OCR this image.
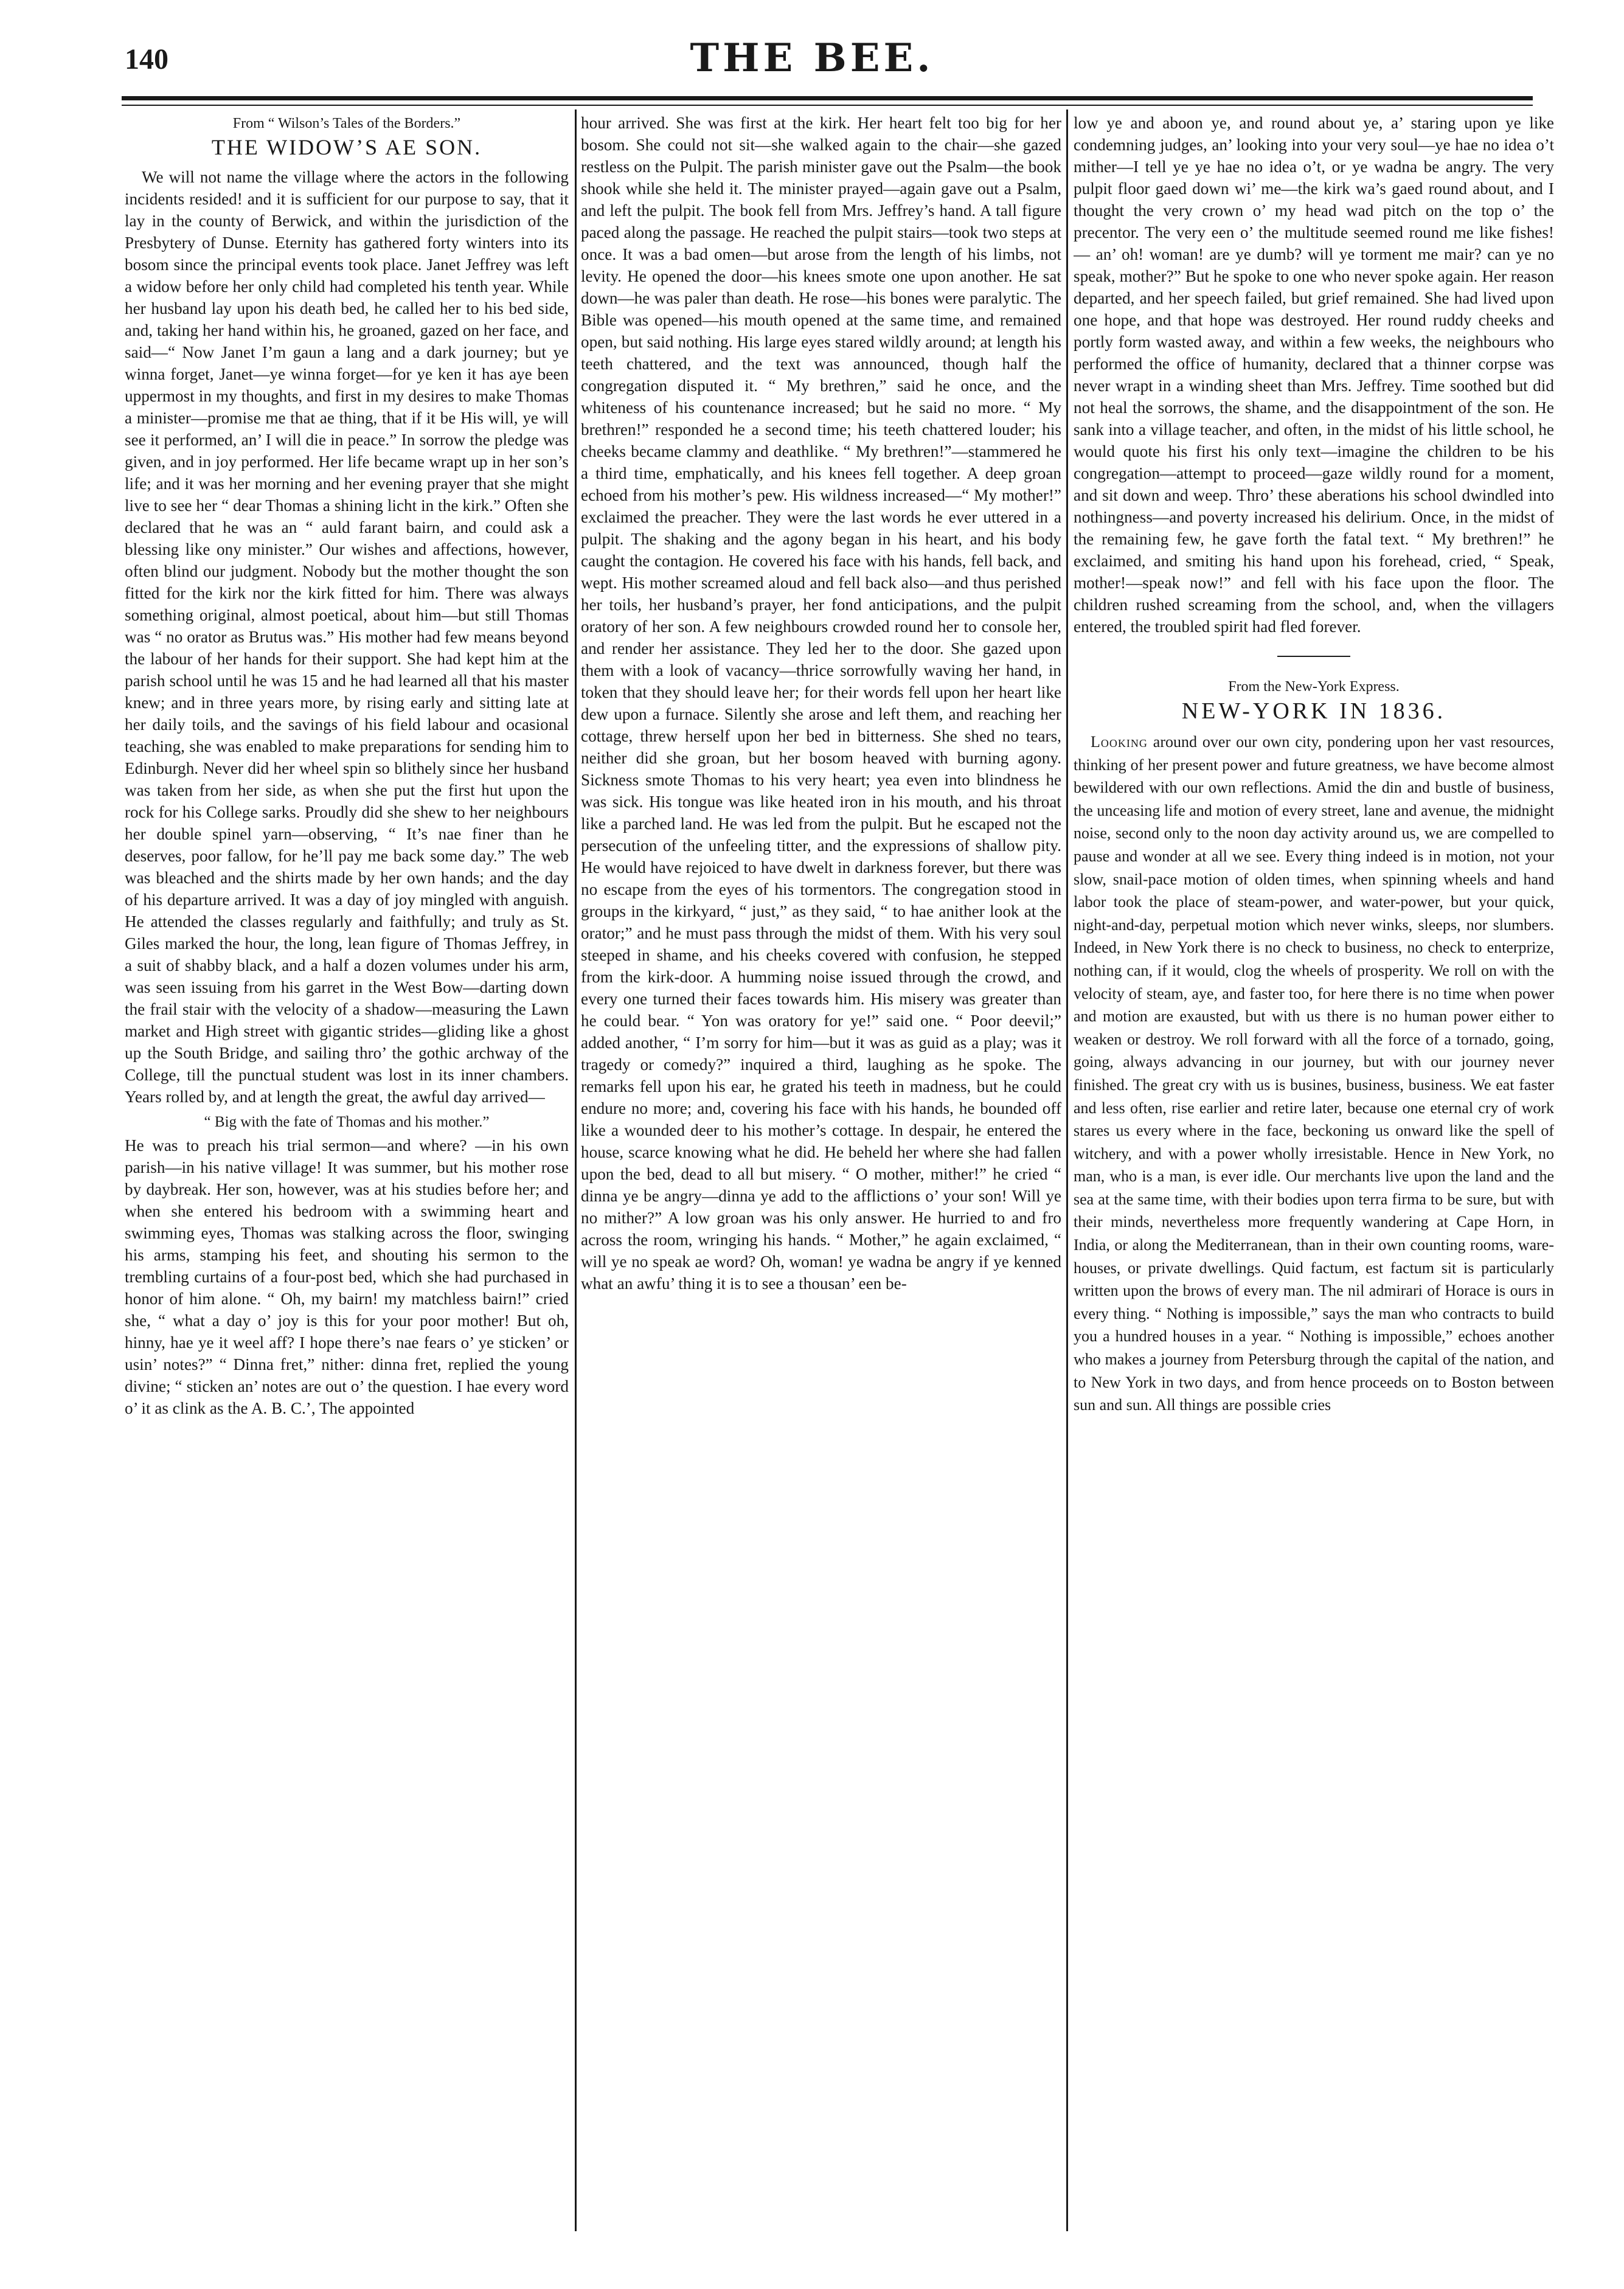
140	THE BEE.
From “ Wilson’s Tales of the Borders.”
THE WIDOW’S AE SON.

We will not name the village where the actors in the following incidents resided! and it is sufficient for our purpose to say, that it lay in the county of Berwick, and within the jurisdiction of the Presbytery of Dunse. Eternity has gathered forty winters into its bosom since the principal events took place. Janet Jeffrey was left a widow before her only child had completed his tenth year. While her husband lay upon his death bed, he called her to his bed side, and, taking her hand within his, he groaned, gazed on her face, and said—“ Now Janet I’m gaun a lang and a dark journey; but ye winna forget, Janet—ye winna forget—for ye ken it has aye been uppermost in my thoughts, and first in my desires to make Thomas a minister—promise me that ae thing, that if it be His will, ye will see it performed, an’ I will die in peace.” In sorrow the pledge was given, and in joy performed. Her life became wrapt up in her son’s life; and it was her morning and her evening prayer that she might live to see her “ dear Thomas a shining licht in the kirk.” Often she declared that he was an “ auld farant bairn, and could ask a blessing like ony minister.” Our wishes and affections, however, often blind our judgment. Nobody but the mother thought the son fitted for the kirk nor the kirk fitted for him. There was always something original, almost poetical, about him—but still Thomas was “ no orator as Brutus was.” His mother had few means beyond the labour of her hands for their support. She had kept him at the parish school until he was 15 and he had learned all that his master knew; and in three years more, by rising early and sitting late at her daily toils, and the savings of his field labour and ocasional teaching, she was enabled to make preparations for sending him to Edinburgh. Never did her wheel spin so blithely since her husband was taken from her side, as when she put the first hut upon the rock for his College sarks. Proudly did she shew to her neighbours her double spinel yarn—observing, “ It’s nae finer than he deserves, poor fallow, for he’ll pay me back some day.” The web was bleached and the shirts made by her own hands; and the day of his departure arrived. It was a day of joy mingled with anguish. He attended the classes regularly and faithfully; and truly as St. Giles marked the hour, the long, lean figure of Thomas Jeffrey, in a suit of shabby black, and a half a dozen volumes under his arm, was seen issuing from his garret in the West Bow—darting down the frail stair with the velocity of a shadow—measuring the Lawn market and High street with gigantic strides—gliding like a ghost up the South Bridge, and sailing thro’ the gothic archway of the College, till the punctual student was lost in its inner chambers. Years rolled by, and at length the great, the awful day arrived—

“ Big with the fate of Thomas and his mother.”

He was to preach his trial sermon—and where? —in his own parish—in his native village! It was summer, but his mother rose by daybreak. Her son, however, was at his studies before her; and when she entered his bedroom with a swimming heart and swimming eyes, Thomas was stalking across the floor, swinging his arms, stamping his feet, and shouting his sermon to the trembling curtains of a four-post bed, which she had purchased in honor of him alone. “ Oh, my bairn! my matchless bairn!” cried she, “ what a day o’ joy is this for your poor mother! But oh, hinny, hae ye it weel aff? I hope there’s nae fears o’ ye sticken’ or usin’ notes?” “ Dinna fret,” nither: dinna fret, replied the young divine; “ sticken an’ notes are out o’ the question. I hae every word o’ it as clink as the A. B. C.’, The appointed

hour arrived. She was first at the kirk. Her heart felt too big for her bosom. She could not sit—she walked again to the chair—she gazed restless on the Pulpit. The parish minister gave out the Psalm—the book shook while she held it. The minister prayed—again gave out a Psalm, and left the pulpit. The book fell from Mrs. Jeffrey’s hand. A tall figure paced along the passage. He reached the pulpit stairs—took two steps at once. It was a bad omen—but arose from the length of his limbs, not levity. He opened the door—his knees smote one upon another. He sat down—he was paler than death. He rose—his bones were paralytic. The Bible was opened—his mouth opened at the same time, and remained open, but said nothing. His large eyes stared wildly around; at length his teeth chattered, and the text was announced, though half the congregation disputed it. “ My brethren,” said he once, and the whiteness of his countenance increased; but he said no more. “ My brethren!” responded he a second time; his teeth chattered louder; his cheeks became clammy and deathlike. “ My brethren!”—stammered he a third time, emphatically, and his knees fell together. A deep groan echoed from his mother’s pew. His wildness increased—“ My mother!” exclaimed the preacher. They were the last words he ever uttered in a pulpit. The shaking and the agony began in his heart, and his body caught the contagion. He covered his face with his hands, fell back, and wept. His mother screamed aloud and fell back also—and thus perished her toils, her husband’s prayer, her fond anticipations, and the pulpit oratory of her son. A few neighbours crowded round her to console her, and render her assistance. They led her to the door. She gazed upon them with a look of vacancy—thrice sorrowfully waving her hand, in token that they should leave her; for their words fell upon her heart like dew upon a furnace. Silently she arose and left them, and reaching her cottage, threw herself upon her bed in bitterness. She shed no tears, neither did she groan, but her bosom heaved with burning agony. Sickness smote Thomas to his very heart; yea even into blindness he was sick. His tongue was like heated iron in his mouth, and his throat like a parched land. He was led from the pulpit. But he escaped not the persecution of the unfeeling titter, and the expressions of shallow pity. He would have rejoiced to have dwelt in darkness forever, but there was no escape from the eyes of his tormentors. The congregation stood in groups in the kirkyard, “ just,” as they said, “ to hae anither look at the orator;” and he must pass through the midst of them. With his very soul steeped in shame, and his cheeks covered with confusion, he stepped from the kirk-door. A humming noise issued through the crowd, and every one turned their faces towards him. His misery was greater than he could bear. “ Yon was oratory for ye!” said one. “ Poor deevil;” added another, “ I’m sorry for him—but it was as guid as a play; was it tragedy or comedy?” inquired a third, laughing as he spoke. The remarks fell upon his ear, he grated his teeth in madness, but he could endure no more; and, covering his face with his hands, he bounded off like a wounded deer to his mother’s cottage. In despair, he entered the house, scarce knowing what he did. He beheld her where she had fallen upon the bed, dead to all but misery. “ O mother, mither!” he cried “ dinna ye be angry—dinna ye add to the afflictions o’ your son! Will ye no mither?” A low groan was his only answer. He hurried to and fro across the room, wringing his hands. “ Mother,” he again exclaimed, “ will ye no speak ae word? Oh, woman! ye wadna be angry if ye kenned what an awfu’ thing it is to see a thousan’ een be-

low ye and aboon ye, and round about ye, a’ staring upon ye like condemning judges, an’ looking into your very soul—ye hae no idea o’t mither—I tell ye ye hae no idea o’t, or ye wadna be angry. The very pulpit floor gaed down wi’ me—the kirk wa’s gaed round about, and I thought the very crown o’ my head wad pitch on the top o’ the precentor. The very een o’ the multitude seemed round me like fishes! — an’ oh! woman! are ye dumb? will ye torment me mair? can ye no speak, mother?” But he spoke to one who never spoke again. Her reason departed, and her speech failed, but grief remained. She had lived upon one hope, and that hope was destroyed. Her round ruddy cheeks and portly form wasted away, and within a few weeks, the neighbours who performed the office of humanity, declared that a thinner corpse was never wrapt in a winding sheet than Mrs. Jeffrey. Time soothed but did not heal the sorrows, the shame, and the disappointment of the son. He sank into a village teacher, and often, in the midst of his little school, he would quote his first his only text—imagine the children to be his congregation—attempt to proceed—gaze wildly round for a moment, and sit down and weep. Thro’ these aberations his school dwindled into nothingness—and poverty increased his delirium. Once, in the midst of the remaining few, he gave forth the fatal text. “ My brethren!” he exclaimed, and smiting his hand upon his forehead, cried, “ Speak, mother!—speak now!” and fell with his face upon the floor. The children rushed screaming from the school, and, when the villagers entered, the troubled spirit had fled forever.

From the New-York Express.
NEW-YORK IN 1836.

Looking around over our own city, pondering upon her vast resources, thinking of her present power and future greatness, we have become almost bewildered with our own reflections. Amid the din and bustle of business, the unceasing life and motion of every street, lane and avenue, the midnight noise, second only to the noon day activity around us, we are compelled to pause and wonder at all we see. Every thing indeed is in motion, not your slow, snail-pace motion of olden times, when spinning wheels and hand labor took the place of steam-power, and water-power, but your quick, night-and-day, perpetual motion which never winks, sleeps, nor slumbers. Indeed, in New York there is no check to business, no check to enterprize, nothing can, if it would, clog the wheels of prosperity. We roll on with the velocity of steam, aye, and faster too, for here there is no time when power and motion are exausted, but with us there is no human power either to weaken or destroy. We roll forward with all the force of a tornado, going, going, always advancing in our journey, but with our journey never finished. The great cry with us is busines, business, business. We eat faster and less often, rise earlier and retire later, because one eternal cry of work stares us every where in the face, beckoning us onward like the spell of witchery, and with a power wholly irresistable. Hence in New York, no man, who is a man, is ever idle. Our merchants live upon the land and the sea at the same time, with their bodies upon terra firma to be sure, but with their minds, nevertheless more frequently wandering at Cape Horn, in India, or along the Mediterranean, than in their own counting rooms, ware-houses, or private dwellings. Quid factum, est factum sit is particularly written upon the brows of every man. The nil admirari of Horace is ours in every thing. “ Nothing is impossible,” says the man who contracts to build you a hundred houses in a year. “ Nothing is impossible,” echoes another who makes a journey from Petersburg through the capital of the nation, and to New York in two days, and from hence proceeds on to Boston between sun and sun. All things are possible cries
